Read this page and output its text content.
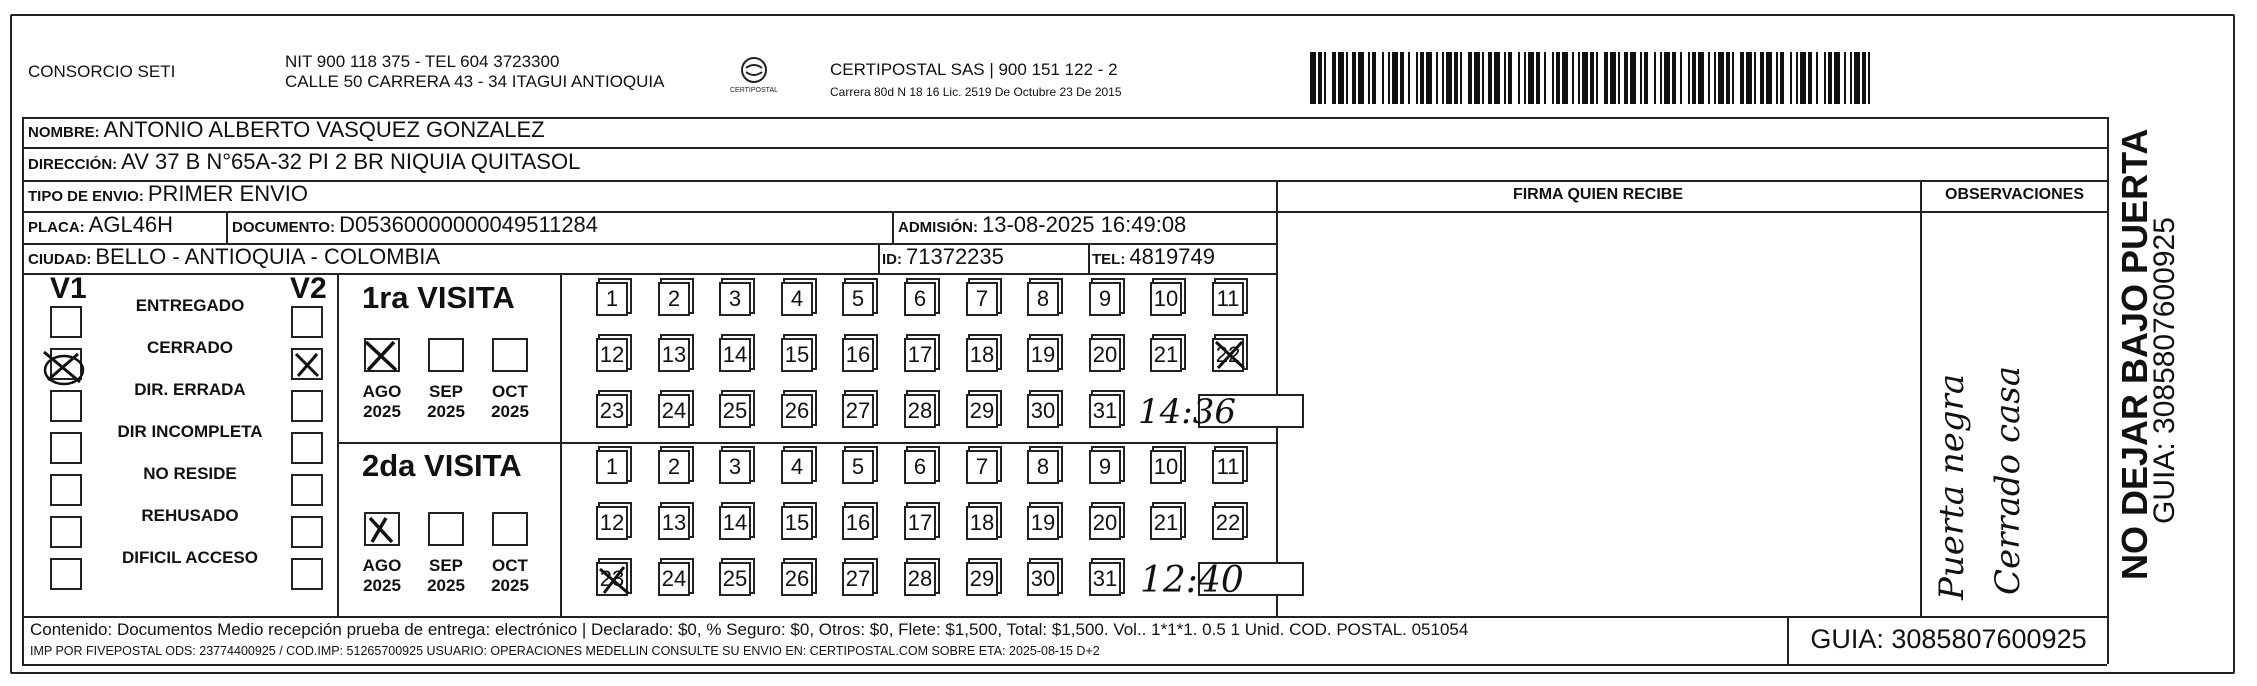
CONSORCIO SETI
NIT 900 118 375 - TEL 604 3723300
CALLE 50 CARRERA 43 - 34 ITAGUI ANTIOQUIA	CERTIPOSTAL
CERTIPOSTAL SAS | 900 151 122 - 2
Carrera 80d N 18 16 Lic. 2519 De Octubre 23 De 2015
NOMBRE: ANTONIO ALBERTO VASQUEZ GONZALEZ
DIRECCIÓN: AV 37 B N°65A-32 PI 2 BR NIQUIA QUITASOL
TIPO DE ENVIO: PRIMER ENVIO
PLACA: AGL46H	DOCUMENTO: D05360000000049511284	ADMISIÓN: 13-08-2025 16:49:08
CIUDAD: BELLO - ANTIOQUIA - COLOMBIA	ID: 71372235	TEL: 4819749
FIRMA QUIEN RECIBE	OBSERVACIONES
V1	V2
ENTREGADO
CERRADO
DIR. ERRADA
DIR INCOMPLETA
NO RESIDE
REHUSADO
DIFICIL ACCESO
1ra VISITA
2da VISITA
AGO
2025
SEP
2025
OCT
2025
AGO
2025
SEP
2025
OCT
2025
1	2	3	4	5	6	7	8	9	10 11
12 13 14 15 16 17 18 19 20 21 22
23 24 25 26 27 28 29 30 31
1	2	3	4	5	6	7	8	9	10 11
12 13 14 15 16 17 18 19 20 21 22
23 24 25 26 27 28 29 30 31
14:36
12:40	Puerta negra Cerrado casa
Contenido: Documentos Medio recepción prueba de entrega: electrónico | Declarado: $0, % Seguro: $0, Otros: $0, Flete: $1,500, Total: $1,500. Vol.. 1*1*1. 0.5 1 Unid. COD. POSTAL. 051054
IMP POR FIVEPOSTAL ODS: 23774400925 / COD.IMP: 51265700925 USUARIO: OPERACIONES MEDELLIN CONSULTE SU ENVIO EN: CERTIPOSTAL.COM SOBRE ETA: 2025-08-15 D+2	GUIA: 3085807600925
NO DEJAR BAJO PUERTA
GUIA: 3085807600925
